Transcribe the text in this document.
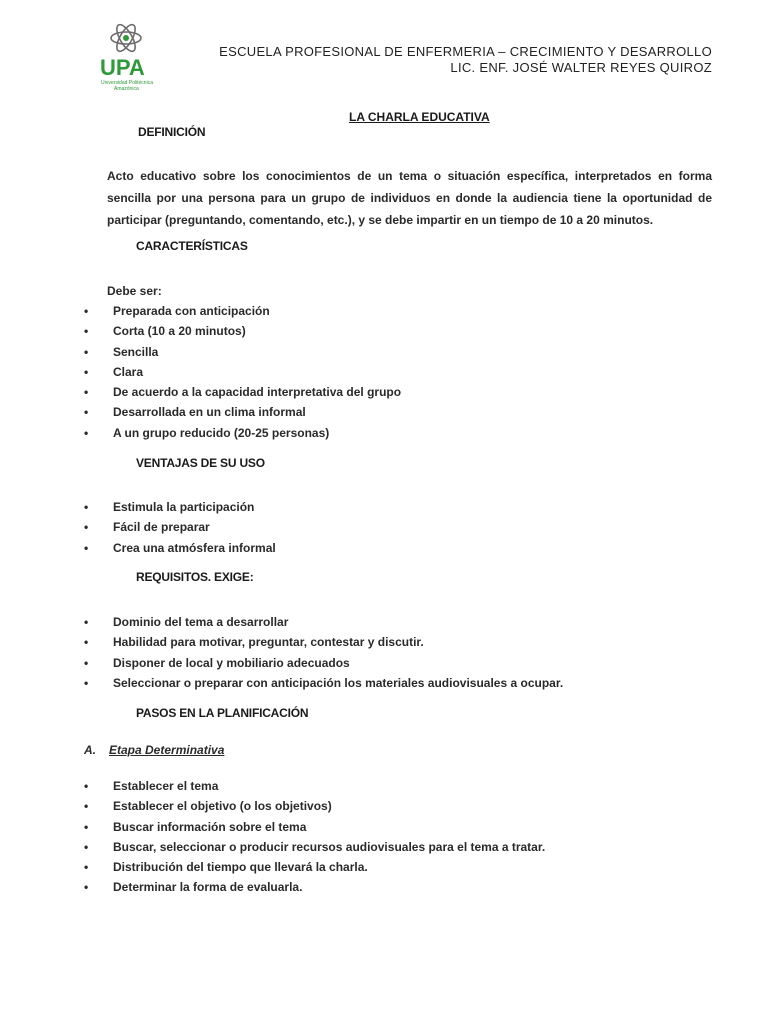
UPA
Universidad Politécnica
Amazónica
ESCUELA PROFESIONAL DE ENFERMERIA – CRECIMIENTO Y DESARROLLO
LIC. ENF. JOSÉ WALTER REYES QUIROZ
LA CHARLA EDUCATIVA
DEFINICIÓN
Acto educativo sobre los conocimientos de un tema o situación específica, interpretados en forma sencilla por una persona para un grupo de individuos en donde la audiencia tiene la oportunidad de participar (preguntando, comentando, etc.), y se debe impartir en un tiempo de 10 a 20 minutos.
CARACTERÍSTICAS
Debe ser:
•	Preparada con anticipación
•	Corta (10 a 20 minutos)
•	Sencilla
•	Clara
•	De acuerdo a la capacidad interpretativa del grupo
•	Desarrollada en un clima informal
•	A un grupo reducido (20-25 personas)
VENTAJAS DE SU USO
•	Estimula la participación
•	Fácil de preparar
•	Crea una atmósfera informal
REQUISITOS. EXIGE:
•	Dominio del tema a desarrollar
•	Habilidad para motivar, preguntar, contestar y discutir.
•	Disponer de local y mobiliario adecuados
•	Seleccionar o preparar con anticipación los materiales audiovisuales a ocupar.
PASOS EN LA PLANIFICACIÓN
A. Etapa Determinativa
•	Establecer el tema
•	Establecer el objetivo (o los objetivos)
•	Buscar información sobre el tema
•	Buscar, seleccionar o producir recursos audiovisuales para el tema a tratar.
•	Distribución del tiempo que llevará la charla.
•	Determinar la forma de evaluarla.
